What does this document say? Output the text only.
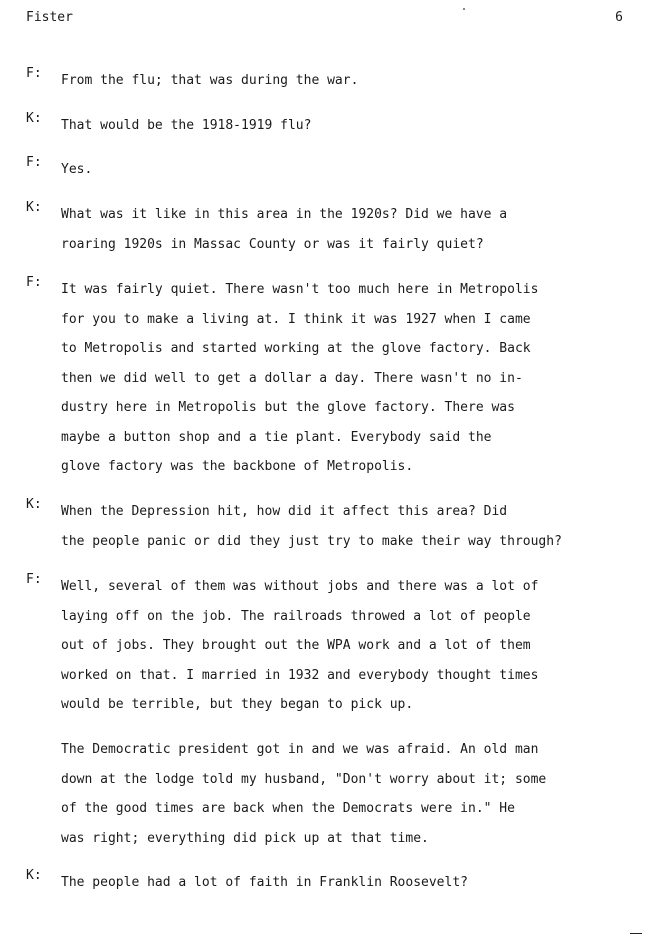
Fister	6
F:	From the flu; that was during the war.
K:	That would be the 1918-1919 flu?
F:	Yes.
K:	What was it like in this area in the 1920s? Did we have a
roaring 1920s in Massac County or was it fairly quiet?
F:	It was fairly quiet. There wasn't too much here in Metropolis
for you to make a living at. I think it was 1927 when I came
to Metropolis and started working at the glove factory. Back
then we did well to get a dollar a day. There wasn't no in-
dustry here in Metropolis but the glove factory. There was
maybe a button shop and a tie plant. Everybody said the
glove factory was the backbone of Metropolis.
K:	When the Depression hit, how did it affect this area? Did
the people panic or did they just try to make their way through?
F:	Well, several of them was without jobs and there was a lot of
laying off on the job. The railroads throwed a lot of people
out of jobs. They brought out the WPA work and a lot of them
worked on that. I married in 1932 and everybody thought times
would be terrible, but they began to pick up.
The Democratic president got in and we was afraid. An old man
down at the lodge told my husband, "Don't worry about it; some
of the good times are back when the Democrats were in." He
was right; everything did pick up at that time.
K:	The people had a lot of faith in Franklin Roosevelt?
